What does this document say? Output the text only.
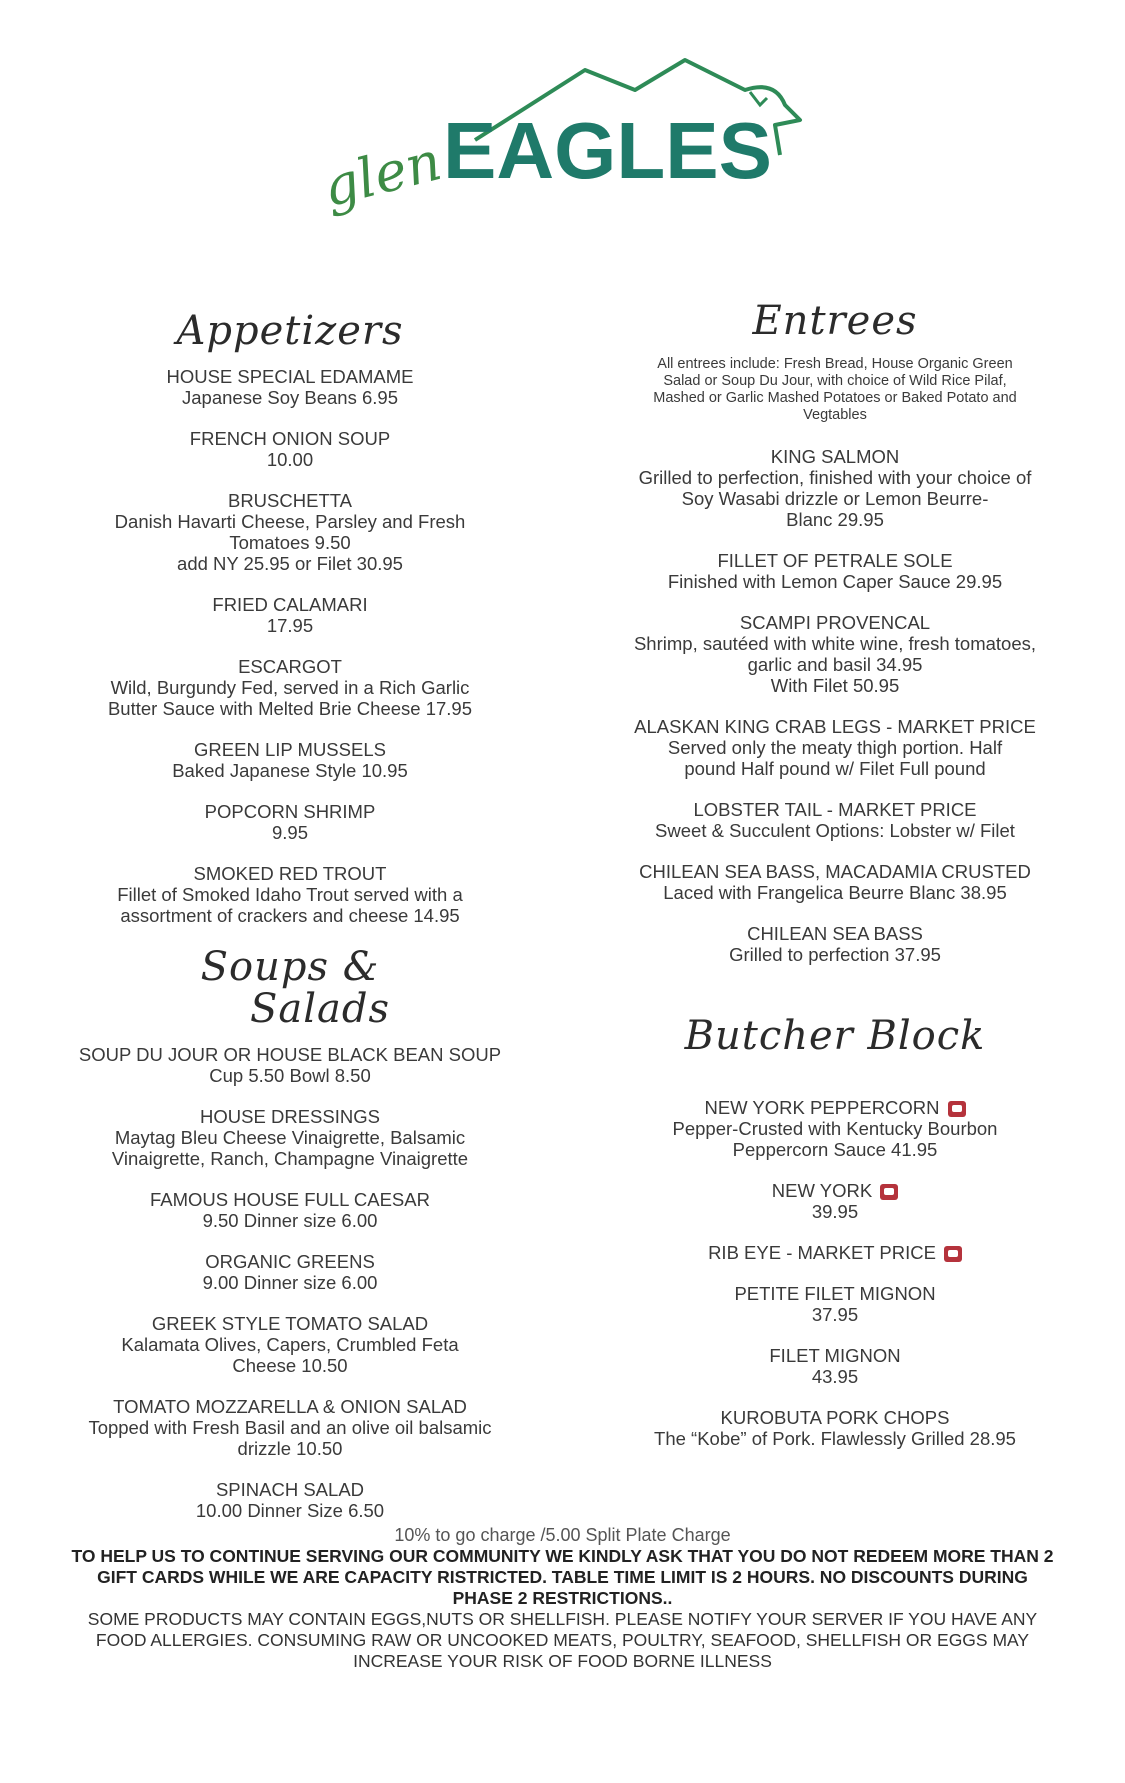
glen
EAGLES
Appetizers
HOUSE SPECIAL EDAMAME
Japanese Soy Beans 6.95
FRENCH ONION SOUP
10.00
BRUSCHETTA
Danish Havarti Cheese, Parsley and Fresh
Tomatoes 9.50
add NY 25.95 or Filet 30.95
FRIED CALAMARI
17.95
ESCARGOT
Wild, Burgundy Fed, served in a Rich Garlic
Butter Sauce with Melted Brie Cheese 17.95
GREEN LIP MUSSELS
Baked Japanese Style 10.95
POPCORN SHRIMP
9.95
SMOKED RED TROUT
Fillet of Smoked Idaho Trout served with a
assortment of crackers and cheese 14.95
Soups &
Salads
SOUP DU JOUR OR HOUSE BLACK BEAN SOUP
Cup 5.50 Bowl 8.50
HOUSE DRESSINGS
Maytag Bleu Cheese Vinaigrette, Balsamic
Vinaigrette, Ranch, Champagne Vinaigrette
FAMOUS HOUSE FULL CAESAR
9.50 Dinner size 6.00
ORGANIC GREENS
9.00 Dinner size 6.00
GREEK STYLE TOMATO SALAD
Kalamata Olives, Capers, Crumbled Feta
Cheese 10.50
TOMATO MOZZARELLA & ONION SALAD
Topped with Fresh Basil and an olive oil balsamic
drizzle 10.50
SPINACH SALAD
10.00 Dinner Size 6.50
Entrees
All entrees include: Fresh Bread, House Organic Green Salad or Soup Du Jour, with choice of Wild Rice Pilaf, Mashed or Garlic Mashed Potatoes or Baked Potato and Vegtables
KING SALMON
Grilled to perfection, finished with your choice of
Soy Wasabi drizzle or Lemon Beurre-
Blanc 29.95
FILLET OF PETRALE SOLE
Finished with Lemon Caper Sauce 29.95
SCAMPI PROVENCAL
Shrimp, sautéed with white wine, fresh tomatoes,
garlic and basil 34.95
With Filet 50.95
ALASKAN KING CRAB LEGS - MARKET PRICE
Served only the meaty thigh portion. Half
pound Half pound w/ Filet Full pound
LOBSTER TAIL - MARKET PRICE
Sweet & Succulent Options: Lobster w/ Filet
CHILEAN SEA BASS, MACADAMIA CRUSTED
Laced with Frangelica Beurre Blanc 38.95
CHILEAN SEA BASS
Grilled to perfection 37.95
Butcher Block
NEW YORK PEPPERCORN
Pepper-Crusted with Kentucky Bourbon
Peppercorn Sauce 41.95
NEW YORK
39.95
RIB EYE - MARKET PRICE
PETITE FILET MIGNON
37.95
FILET MIGNON
43.95
KUROBUTA PORK CHOPS
The “Kobe” of Pork. Flawlessly Grilled 28.95
10% to go charge /5.00 Split Plate Charge
TO HELP US TO CONTINUE SERVING OUR COMMUNITY WE KINDLY ASK THAT YOU DO NOT REDEEM MORE THAN 2 GIFT CARDS WHILE WE ARE CAPACITY RISTRICTED. TABLE TIME LIMIT IS 2 HOURS. NO DISCOUNTS DURING PHASE 2 RESTRICTIONS..
SOME PRODUCTS MAY CONTAIN EGGS,NUTS OR SHELLFISH. PLEASE NOTIFY YOUR SERVER IF YOU HAVE ANY FOOD ALLERGIES. CONSUMING RAW OR UNCOOKED MEATS, POULTRY, SEAFOOD, SHELLFISH OR EGGS MAY INCREASE YOUR RISK OF FOOD BORNE ILLNESS
